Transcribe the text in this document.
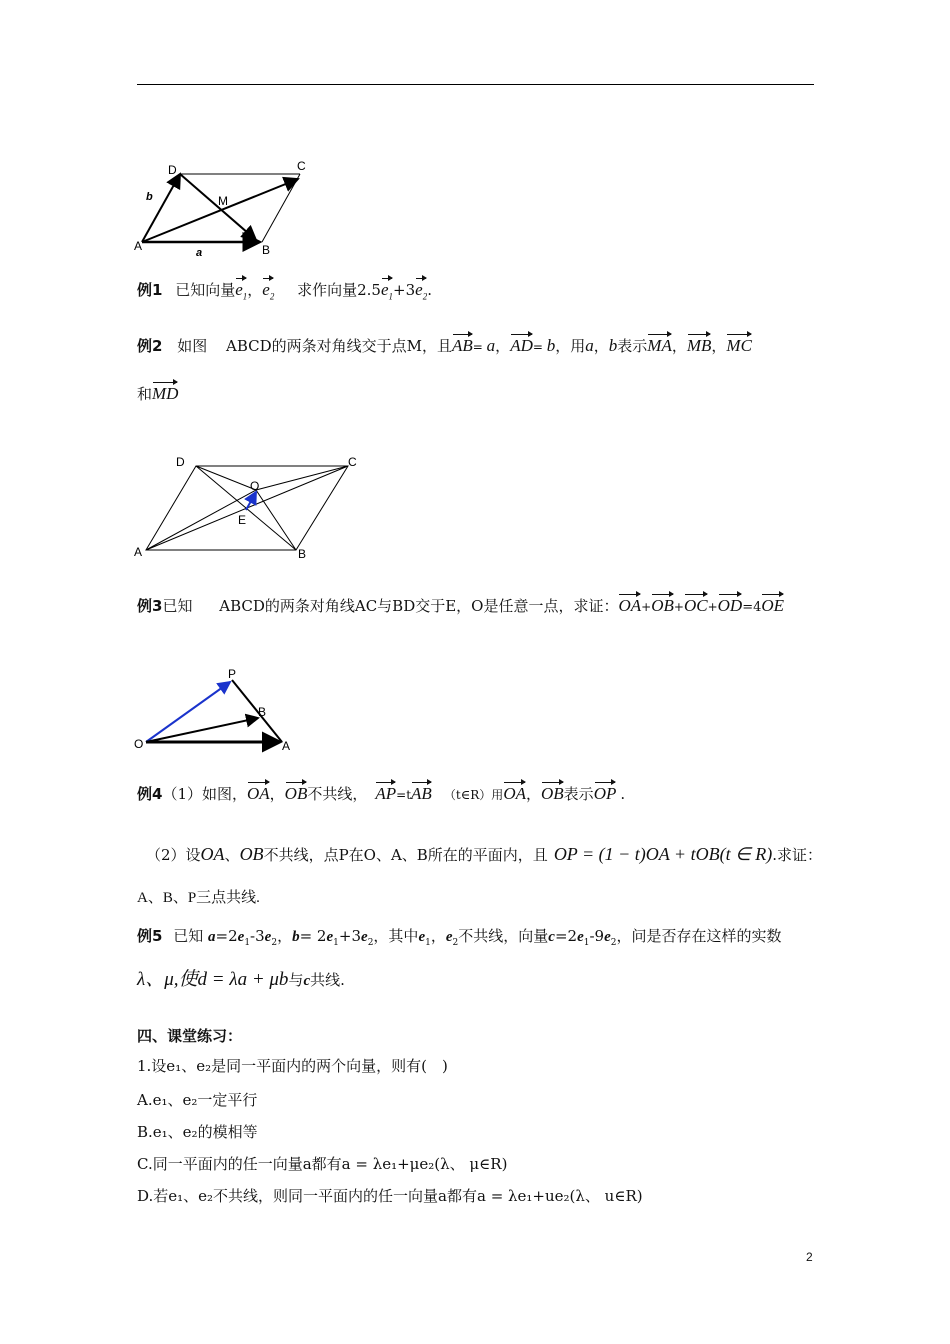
D	C
A	B
M
a
b
例1 已知向量$e_1$，$e_2$ 求作向量$2.5e_1+3e_2$.
例2 如图 ABCD的两条对角线交于点M，且AB= a，AD= b，用a，b表示MA，MB，MC
和MD
D	C
A	B
O
E
例3已知 ABCD的两条对角线AC与BD交于E，O是任意一点，求证：OA+OB+OC+OD=4OE
P
B
O	A
例4（1）如图，OA，OB不共线， AP=tAB （t∈R）用OA，OB表示OP .
（2）设OA、OB不共线，点P在O、A、B所在的平面内，且 OP = (1 − t)OA + tOB(t ∈ R).求证：
A、B、P三点共线.
例5 已知 $a=2e_1-3e_2$，$b= 2e_1+3e_2$，其中$e_1$，$e_2$不共线，向量$c=2e_1-9e_2$，问是否存在这样的实数
λ、μ,使d = λa + μb与c共线.
四、课堂练习：
1.设e₁、e₂是同一平面内的两个向量，则有(　)
A.e₁、e₂一定平行
B.e₁、e₂的模相等
C.同一平面内的任一向量a都有a = λe₁+μe₂(λ、 μ∈R)
D.若e₁、e₂不共线，则同一平面内的任一向量a都有a = λe₁+ue₂(λ、 u∈R)
2
